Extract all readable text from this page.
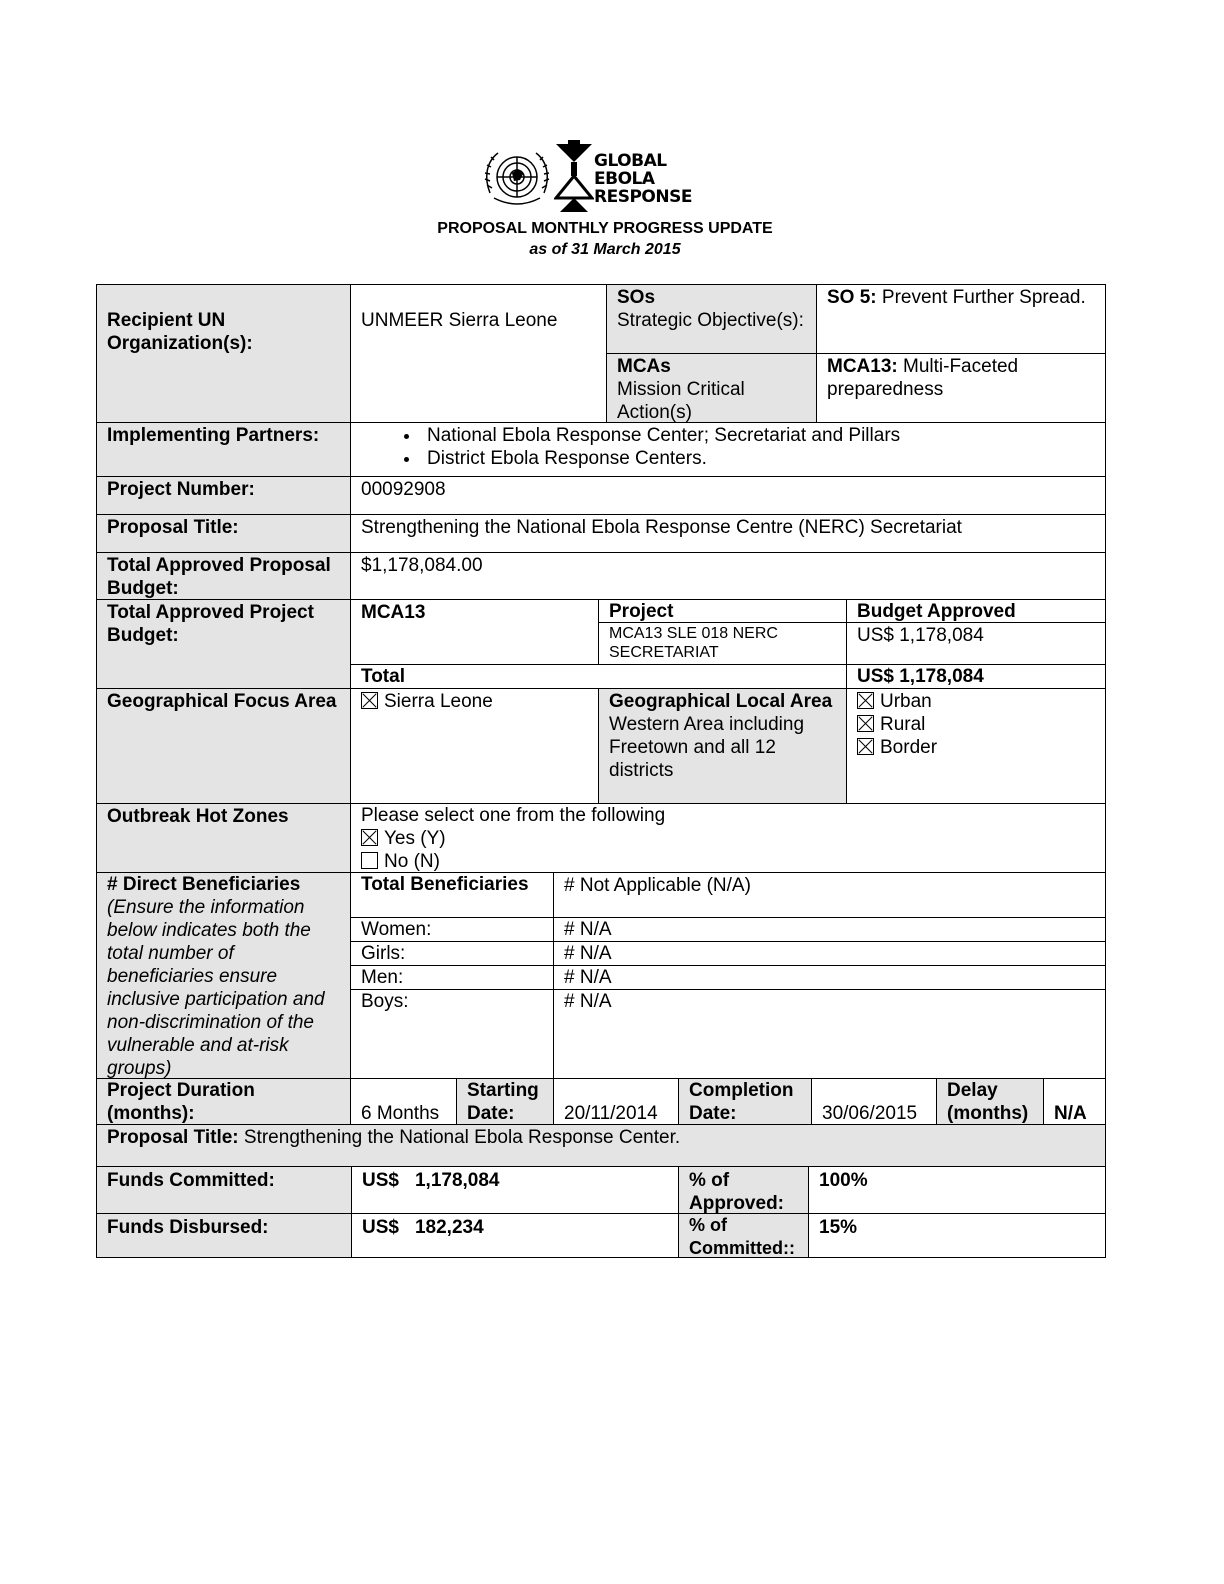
GLOBAL
EBOLA
RESPONSE
PROPOSAL MONTHLY PROGRESS UPDATE
as of 31 March 2015
Recipient UN Organization(s):
UNMEER Sierra Leone
SOs
Strategic Objective(s):
SO 5: Prevent Further Spread.
MCAs
Mission Critical Action(s)
MCA13: Multi-Faceted preparedness
Implementing Partners:
•	National Ebola Response Center; Secretariat and Pillars
• District Ebola Response Centers.
Project Number:	00092908
Proposal Title:	Strengthening the National Ebola Response Centre (NERC) Secretariat
Total Approved Proposal Budget:
$1,178,084.00
Total Approved Project Budget:
MCA13	Project	Budget Approved
MCA13 SLE 018 NERC SECRETARIAT
US$ 1,178,084
Total	US$ 1,178,084
Geographical Focus Area	Sierra Leone	Geographical Local Area
Western Area including Freetown and all 12 districts
Urban
Rural
Border
Outbreak Hot Zones	Please select one from the following
Yes (Y)
No (N)
# Direct Beneficiaries
(Ensure the information below indicates both the total number of beneficiaries ensure inclusive participation and non-discrimination of the vulnerable and at-risk groups)
Total Beneficiaries	# Not Applicable (N/A)
Women:	# N/A
Girls:	# N/A
Men:	# N/A
Boys:	# N/A
Project Duration (months):	6 Months
Starting Date:	20/11/2014
Completion Date:	30/06/2015
Delay (months)	N/A
Proposal Title: Strengthening the National Ebola Response Center.
Funds Committed:	US$ 1,178,084	% of Approved:
100%
Funds Disbursed:	US$ 182,234	% of Committed::
15%
